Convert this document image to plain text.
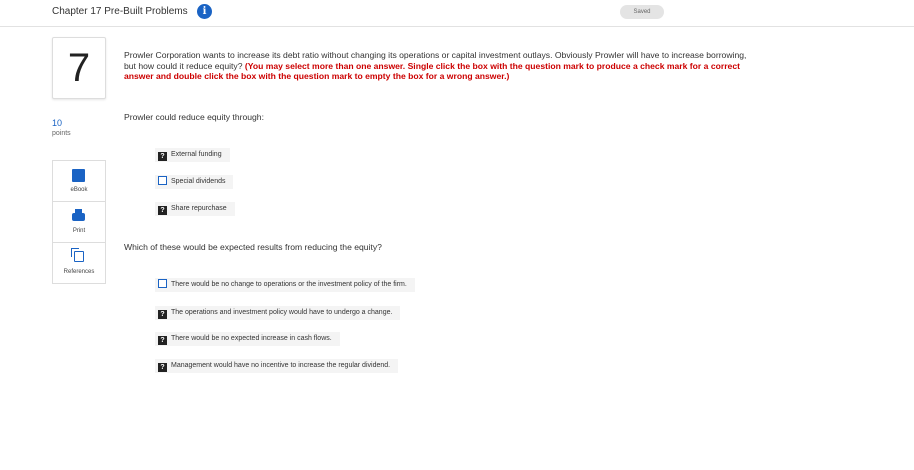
Chapter 17 Pre-Built Problems	i	Saved
7
10
points
eBook
Print
References
Prowler Corporation wants to increase its debt ratio without changing its operations or capital investment outlays. Obviously Prowler will have to increase borrowing, but how could it reduce equity? (You may select more than one answer. Single click the box with the question mark to produce a check mark for a correct answer and double click the box with the question mark to empty the box for a wrong answer.)
Prowler could reduce equity through:
? External funding
Special dividends
? Share repurchase
Which of these would be expected results from reducing the equity?
There would be no change to operations or the investment policy of the firm.
? The operations and investment policy would have to undergo a change.
? There would be no expected increase in cash flows.
? Management would have no incentive to increase the regular dividend.
